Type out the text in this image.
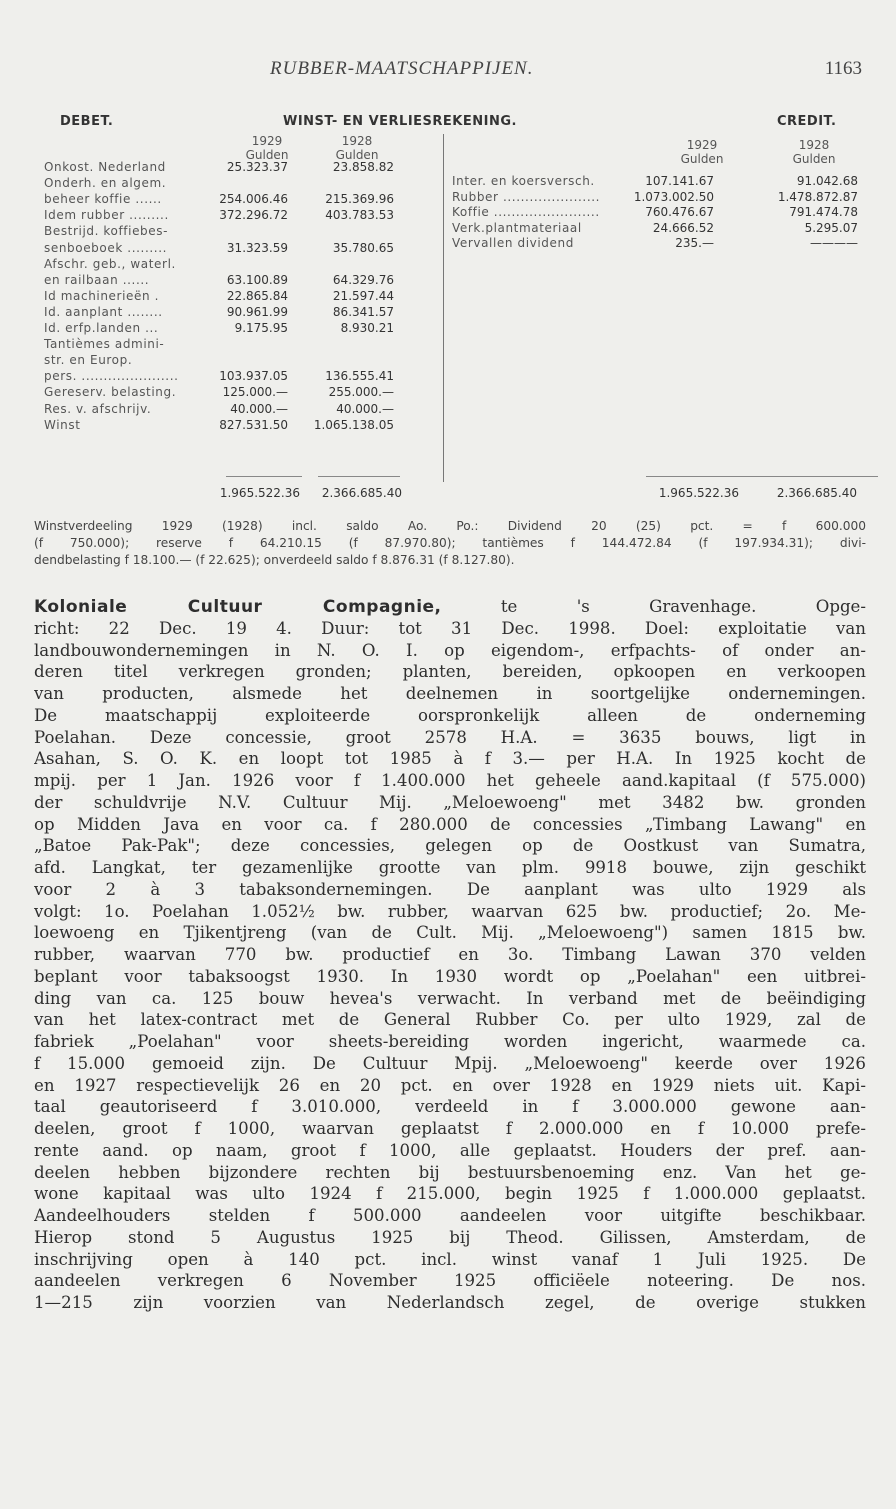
RUBBER-MAATSCHAPPIJEN.	1163
DEBET.	WINST- EN VERLIESREKENING.	CREDIT.
1929
Gulden
1928
Gulden
1929
Gulden
1928
Gulden
Onkost. Nederland	25.323.37	23.858.82
Onderh. en algem.
beheer koffie ......	254.006.46	215.369.96
Idem rubber .........	372.296.72	403.783.53
Bestrijd. koffiebes-
senboeboek .........	31.323.59	35.780.65
Afschr. geb., waterl.
en railbaan ......	63.100.89	64.329.76
Id machinerieën .	22.865.84	21.597.44
Id. aanplant ........	90.961.99	86.341.57
Id. erfp.landen ...	9.175.95	8.930.21
Tantièmes admini-
str. en Europ.
pers. ......................	103.937.05	136.555.41
Gereserv. belasting.	125.000.—	255.000.—
Res. v. afschrijv.	40.000.—	40.000.—
Winst	827.531.50	1.065.138.05
Inter. en koersversch.	107.141.67	91.042.68
Rubber ......................	1.073.002.50	1.478.872.87
Koffie ........................	760.476.67	791.474.78
Verk.plantmateriaal	24.666.52	5.295.07
Vervallen dividend	235.—	————
1.965.522.36	2.366.685.40	1.965.522.36	2.366.685.40

Winstverdeeling 1929 (1928) incl. saldo Ao. Po.: Dividend 20 (25) pct. = f 600.000

(f 750.000); reserve f 64.210.15 (f 87.970.80); tantièmes f 144.472.84 (f 197.934.31); divi-

dendbelasting f 18.100.— (f 22.625); onverdeeld saldo f 8.876.31 (f 8.127.80).

Koloniale Cultuur Compagnie,	te 's Gravenhage. Opge-
richt: 22 Dec. 19 4. Duur: tot 31 Dec. 1998. Doel: exploitatie van
landbouwondernemingen in N. O. I. op eigendom-, erfpachts- of onder an-
deren titel verkregen gronden; planten, bereiden, opkoopen en verkoopen
van producten, alsmede het deelnemen in soortgelijke ondernemingen.
De maatschappij exploiteerde oorspronkelijk alleen de onderneming
Poelahan. Deze concessie, groot 2578 H.A. = 3635 bouws, ligt in
Asahan, S. O. K. en loopt tot 1985 à f 3.— per H.A. In 1925 kocht de
mpij. per 1 Jan. 1926 voor f 1.400.000 het geheele aand.kapitaal (f 575.000)
der schuldvrije N.V. Cultuur Mij. „Meloewoeng" met 3482 bw. gronden
op Midden Java en voor ca. f 280.000 de concessies „Timbang Lawang" en
„Batoe Pak-Pak"; deze concessies, gelegen op de Oostkust van Sumatra,
afd. Langkat, ter gezamenlijke grootte van plm. 9918 bouwe, zijn geschikt
voor 2 à 3 tabaksondernemingen. De aanplant was ulto 1929 als
volgt: 1o. Poelahan 1.052½ bw. rubber, waarvan 625 bw. productief; 2o. Me-
loewoeng en Tjikentjreng (van de Cult. Mij. „Meloewoeng") samen 1815 bw.
rubber, waarvan 770 bw. productief en 3o. Timbang Lawan 370 velden
beplant voor tabaksoogst 1930. In 1930 wordt op „Poelahan" een uitbrei-
ding van ca. 125 bouw hevea's verwacht. In verband met de beëindiging
van het latex-contract met de General Rubber Co. per ulto 1929, zal de
fabriek „Poelahan" voor sheets-bereiding worden ingericht, waarmede ca.
f 15.000 gemoeid zijn. De Cultuur Mpij. „Meloewoeng" keerde over 1926
en 1927 respectievelijk 26 en 20 pct. en over 1928 en 1929 niets uit. Kapi-
taal geautoriseerd f 3.010.000, verdeeld in f 3.000.000 gewone aan-
deelen, groot f 1000, waarvan geplaatst f 2.000.000 en f 10.000 prefe-
rente aand. op naam, groot f 1000, alle geplaatst. Houders der pref. aan-
deelen hebben bijzondere rechten bij bestuursbenoeming enz. Van het ge-
wone kapitaal was ulto 1924 f 215.000, begin 1925 f 1.000.000 geplaatst.
Aandeelhouders stelden f 500.000 aandeelen voor uitgifte beschikbaar.
Hierop stond 5 Augustus 1925 bij Theod. Gilissen, Amsterdam, de
inschrijving open à 140 pct. incl. winst vanaf 1 Juli 1925. De
aandeelen verkregen 6 November 1925 officiëele noteering. De nos.
1—215 zijn voorzien van Nederlandsch zegel, de overige stukken
